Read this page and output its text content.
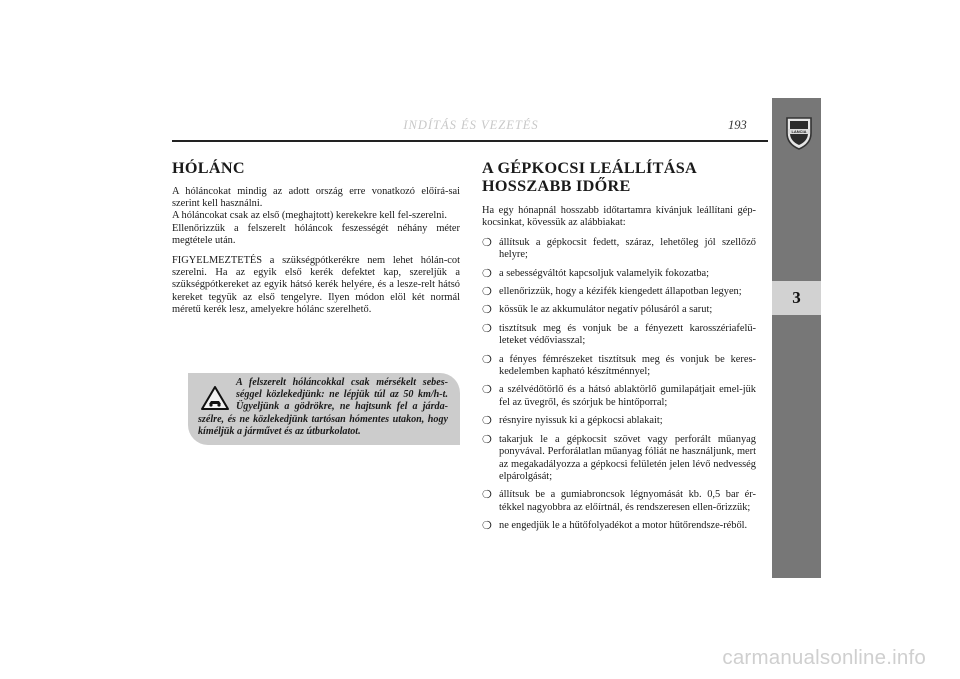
INDÍTÁS ÉS VEZETÉS	193	LANCIA
3
HÓLÁNC
A hóláncokat mindig az adott ország erre vonatkozó előírá-sai szerint kell használni.
A hóláncokat csak az első (meghajtott) kerekekre kell fel-szerelni.
Ellenőrizzük a felszerelt hóláncok feszességét néhány méter megtétele után.

FIGYELMEZTETÉS a szükségpótkerékre nem lehet hólán-cot szerelni. Ha az egyik első kerék defektet kap, szereljük a szükségpótkereket az egyik hátsó kerék helyére, és a lesze-relt hátsó kereket tegyük az első tengelyre. Ilyen módon elöl két normál méretű kerék lesz, amelyekre hólánc szerelhető.

A felszerelt hóláncokkal csak mérsékelt sebes-séggel közlekedjünk: ne lépjük túl az 50 km/h-t. Ügyeljünk a gödrökre, ne hajtsunk fel a járda-szélre, és ne közlekedjünk tartósan hómentes utakon, hogy kíméljük a járművet és az útburkolatot.
A GÉPKOCSI LEÁLLÍTÁSA
HOSSZABB IDŐRE

Ha egy hónapnál hosszabb időtartamra kívánjuk leállítani gép-kocsinkat, kövessük az alábbiakat:

❍ állítsuk a gépkocsit fedett, száraz, lehetőleg jól szellőző helyre;
❍ a sebességváltót kapcsoljuk valamelyik fokozatba;
❍ ellenőrizzük, hogy a kézifék kiengedett állapotban legyen;
❍ kössük le az akkumulátor negatív pólusáról a sarut;
❍ tisztítsuk meg és vonjuk be a fényezett karosszériafelü-leteket védőviasszal;
❍ a fényes fémrészeket tisztítsuk meg és vonjuk be keres-kedelemben kapható készítménnyel;
❍ a szélvédőtörlő és a hátsó ablaktörlő gumilapátjait emel-jük fel az üvegről, és szórjuk be hintőporral;
❍ résnyire nyissuk ki a gépkocsi ablakait;
❍ takarjuk le a gépkocsit szövet vagy perforált műanyag ponyvával. Perforálatlan műanyag fóliát ne használjunk, mert az megakadályozza a gépkocsi felületén jelen lévő nedvesség elpárolgását;
❍ állítsuk be a gumiabroncsok légnyomását kb. 0,5 bar ér-tékkel nagyobbra az előírtnál, és rendszeresen ellen-őrizzük;
❍ ne engedjük le a hűtőfolyadékot a motor hűtőrendsze-réből.
carmanualsonline.info
